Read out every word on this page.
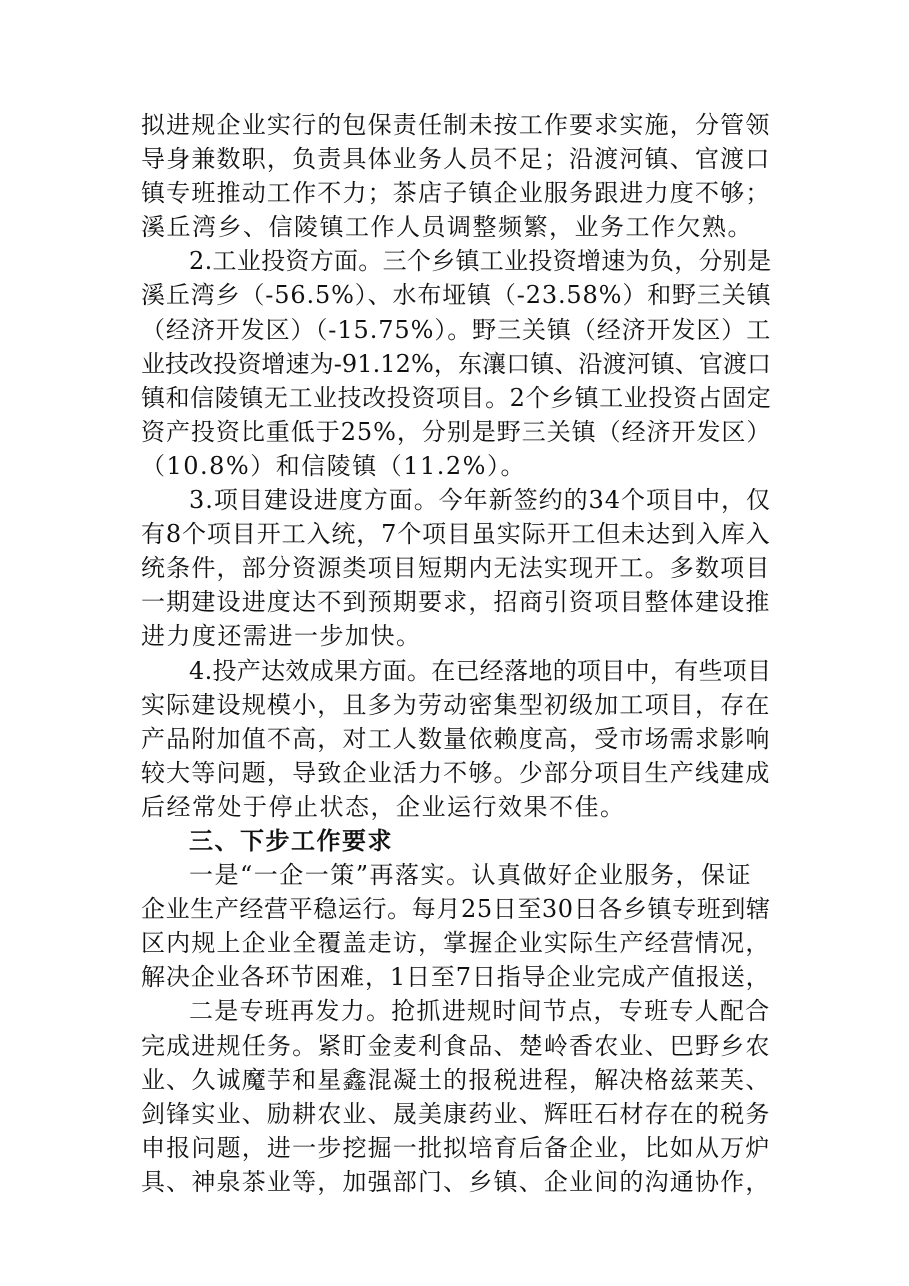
拟进规企业实行的包保责任制未按工作要求实施，分管领
导身兼数职，负责具体业务人员不足；沿渡河镇、官渡口
镇专班推动工作不力；茶店子镇企业服务跟进力度不够；
溪丘湾乡、信陵镇工作人员调整频繁，业务工作欠熟。
2.工业投资方面。三个乡镇工业投资增速为负，分别是
溪丘湾乡（-56.5%）、水布垭镇（-23.58%）和野三关镇
（经济开发区）（-15.75%）。野三关镇（经济开发区）工
业技改投资增速为-91.12%，东瀼口镇、沿渡河镇、官渡口
镇和信陵镇无工业技改投资项目。2个乡镇工业投资占固定
资产投资比重低于25%，分别是野三关镇（经济开发区）
（10.8%）和信陵镇（11.2%）。
3.项目建设进度方面。今年新签约的34个项目中，仅
有8个项目开工入统，7个项目虽实际开工但未达到入库入
统条件，部分资源类项目短期内无法实现开工。多数项目
一期建设进度达不到预期要求，招商引资项目整体建设推
进力度还需进一步加快。
4.投产达效成果方面。在已经落地的项目中，有些项目
实际建设规模小，且多为劳动密集型初级加工项目，存在
产品附加值不高，对工人数量依赖度高，受市场需求影响
较大等问题，导致企业活力不够。少部分项目生产线建成
后经常处于停止状态，企业运行效果不佳。
三、下步工作要求
一是“一企一策”再落实。认真做好企业服务，保证
企业生产经营平稳运行。每月25日至30日各乡镇专班到辖
区内规上企业全覆盖走访，掌握企业实际生产经营情况，
解决企业各环节困难，1日至7日指导企业完成产值报送，
二是专班再发力。抢抓进规时间节点，专班专人配合
完成进规任务。紧盯金麦利食品、楚岭香农业、巴野乡农
业、久诚魔芋和星鑫混凝土的报税进程，解决格兹莱芙、
剑锋实业、励耕农业、晟美康药业、辉旺石材存在的税务
申报问题，进一步挖掘一批拟培育后备企业，比如从万炉
具、神泉茶业等，加强部门、乡镇、企业间的沟通协作，
